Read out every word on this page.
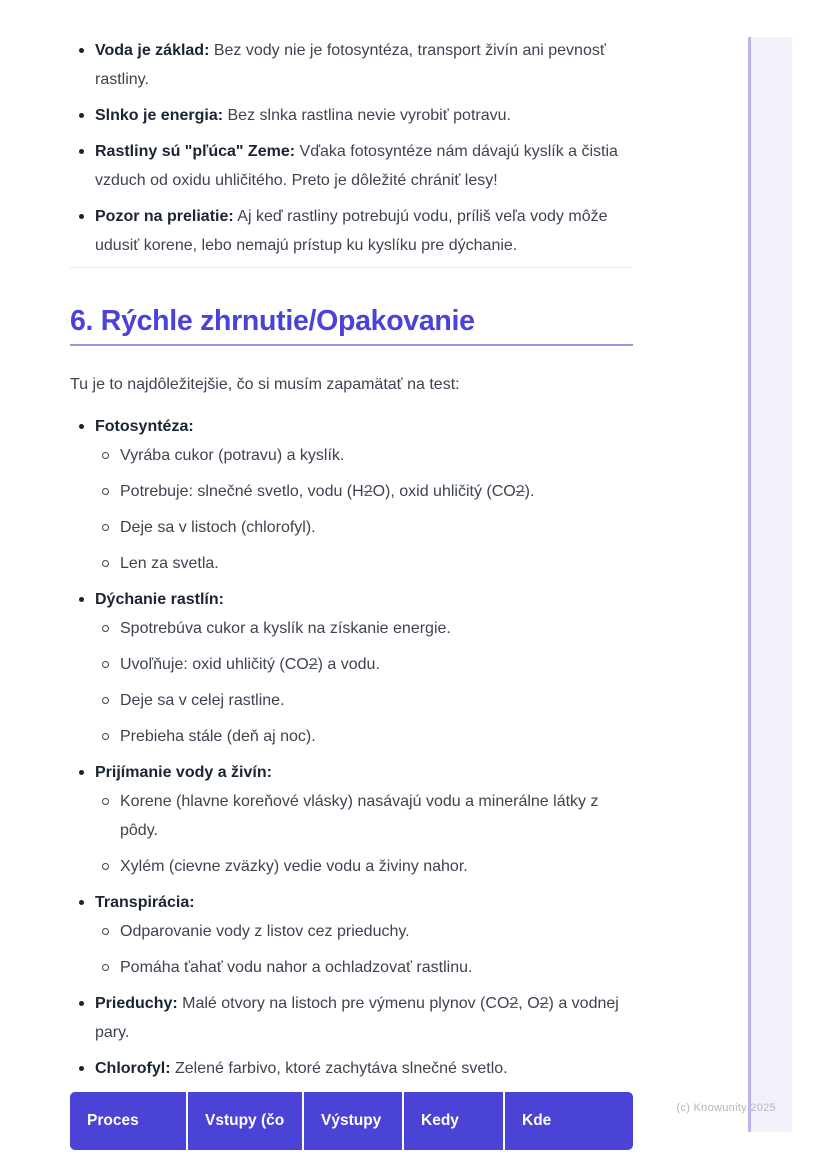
Voda je základ: Bez vody nie je fotosyntéza, transport živín ani pevnosť rastliny.
Slnko je energia: Bez slnka rastlina nevie vyrobiť potravu.
Rastliny sú "pľúca" Zeme: Vďaka fotosyntéze nám dávajú kyslík a čistia vzduch od oxidu uhličitého. Preto je dôležité chrániť lesy!
Pozor na preliatie: Aj keď rastliny potrebujú vodu, príliš veľa vody môže udusiť korene, lebo nemajú prístup ku kyslíku pre dýchanie.
6. Rýchle zhrnutie/Opakovanie

Tu je to najdôležitejšie, čo si musím zapamätať na test:

Fotosyntéza:
Vyrába cukor (potravu) a kyslík.
Potrebuje: slnečné svetlo, vodu (H2O), oxid uhličitý (CO2).
Deje sa v listoch (chlorofyl).
Len za svetla.
Dýchanie rastlín:
Spotrebúva cukor a kyslík na získanie energie.
Uvoľňuje: oxid uhličitý (CO2) a vodu.
Deje sa v celej rastline.
Prebieha stále (deň aj noc).
Prijímanie vody a živín:
Korene (hlavne koreňové vlásky) nasávajú vodu a minerálne látky z pôdy.
Xylém (cievne zväzky) vedie vodu a živiny nahor.
Transpirácia:
Odparovanie vody z listov cez prieduchy.
Pomáha ťahať vodu nahor a ochladzovať rastlinu.
Prieduchy: Malé otvory na listoch pre výmenu plynov (CO2, O2) a vodnej pary.
Chlorofyl: Zelené farbivo, ktoré zachytáva slnečné svetlo.
Proces	Vstupy (čo	Výstupy	Kedy	Kde
(c) Knowunity 2025
